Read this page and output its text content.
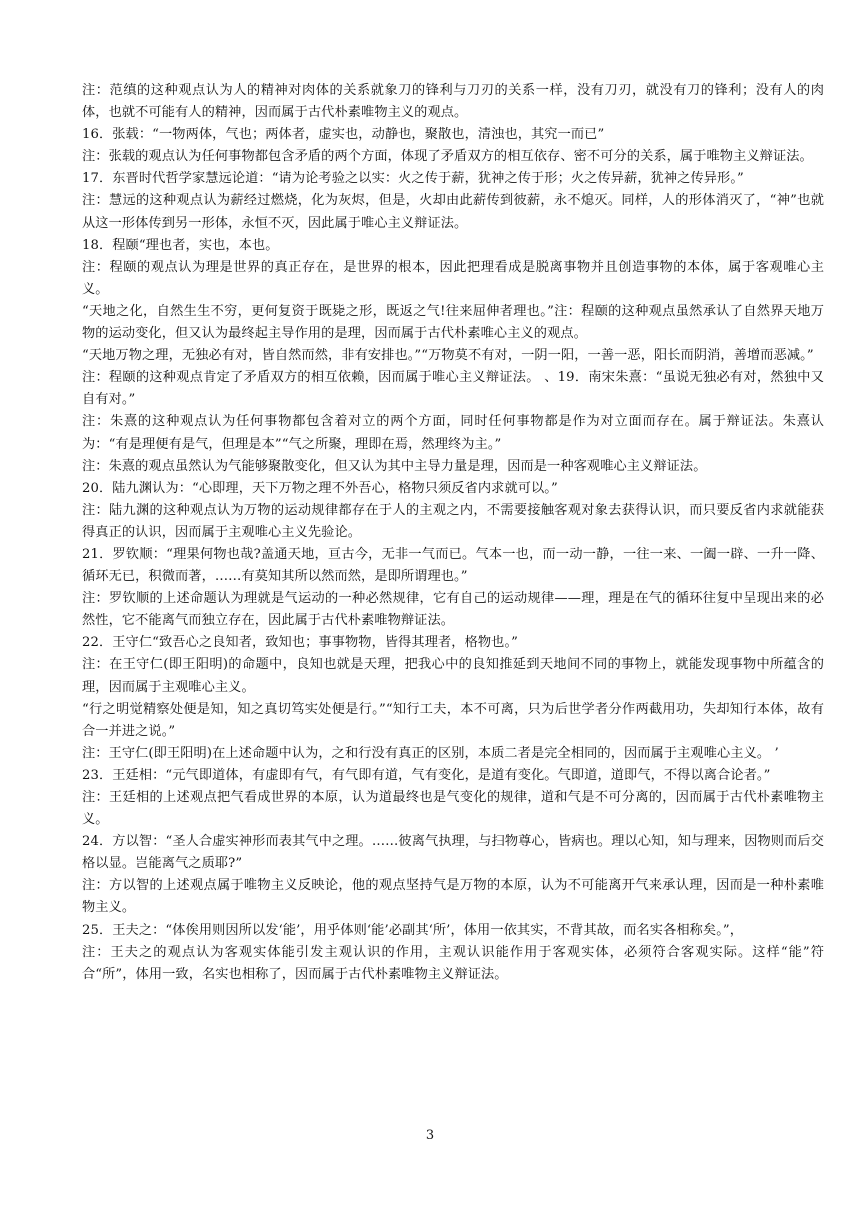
注：范缜的这种观点认为人的精神对肉体的关系就象刀的锋利与刀刃的关系一样，没有刀刃，就没有刀的锋利；没有人的肉体，也就不可能有人的精神，因而属于古代朴素唯物主义的观点。

16．张载：“一物两体，气也；两体者，虚实也，动静也，聚散也，清浊也，其究一而已”

注：张载的观点认为任何事物都包含矛盾的两个方面，体现了矛盾双方的相互依存、密不可分的关系，属于唯物主义辩证法。

17．东晋时代哲学家慧远论道：“请为论考验之以实：火之传于薪，犹神之传于形；火之传异薪，犹神之传异形。”

注：慧远的这种观点认为薪经过燃烧，化为灰烬，但是，火却由此薪传到彼薪，永不熄灭。同样，人的形体消灭了，“神”也就从这一形体传到另一形体，永恒不灭，因此属于唯心主义辩证法。

18．程颐“理也者，实也，本也。

注：程颐的观点认为理是世界的真正存在，是世界的根本，因此把理看成是脱离事物并且创造事物的本体，属于客观唯心主义。

“天地之化，自然生生不穷，更何复资于既毙之形，既返之气!往来屈伸者理也。”注：程颐的这种观点虽然承认了自然界天地万物的运动变化，但又认为最终起主导作用的是理，因而属于古代朴素唯心主义的观点。

“天地万物之理，无独必有对，皆自然而然，非有安排也。”“万物莫不有对，一阴一阳，一善一恶，阳长而阴消，善增而恶减。”

注：程颐的这种观点肯定了矛盾双方的相互依赖，因而属于唯心主义辩证法。 、19．南宋朱熹：“虽说无独必有对，然独中又自有对。”

注：朱熹的这种观点认为任何事物都包含着对立的两个方面，同时任何事物都是作为对立面而存在。属于辩证法。朱熹认为：“有是理便有是气，但理是本”“气之所聚，理即在焉，然理终为主。”

注：朱熹的观点虽然认为气能够聚散变化，但又认为其中主导力量是理，因而是一种客观唯心主义辩证法。

20．陆九渊认为：“心即理，天下万物之理不外吾心，格物只须反省内求就可以。”

注：陆九渊的这种观点认为万物的运动规律都存在于人的主观之内，不需要接触客观对象去获得认识，而只要反省内求就能获得真正的认识，因而属于主观唯心主义先验论。

21．罗钦顺：“理果何物也哉?盖通天地，亘古今，无非一气而已。气本一也，而一动一静，一往一来、一阖一辟、一升一降、循环无已，积微而著，……有莫知其所以然而然，是即所谓理也。”

注：罗钦顺的上述命题认为理就是气运动的一种必然规律，它有自己的运动规律——理，理是在气的循环往复中呈现出来的必然性，它不能离气而独立存在，因此属于古代朴素唯物辩证法。

22．王守仁“致吾心之良知者，致知也；事事物物，皆得其理者，格物也。”

注：在王守仁(即王阳明)的命题中，良知也就是天理，把我心中的良知推延到天地间不同的事物上，就能发现事物中所蕴含的理，因而属于主观唯心主义。

“行之明觉精察处便是知，知之真切笃实处便是行。”“知行工夫，本不可离，只为后世学者分作两截用功，失却知行本体，故有合一并进之说。”

注：王守仁(即王阳明)在上述命题中认为，之和行没有真正的区别，本质二者是完全相同的，因而属于主观唯心主义。 ’

23．王廷相：“元气即道体，有虚即有气，有气即有道，气有变化，是道有变化。气即道，道即气，不得以离合论者。”

注：王廷相的上述观点把气看成世界的本原，认为道最终也是气变化的规律，道和气是不可分离的，因而属于古代朴素唯物主义。

24．方以智：“圣人合虚实神形而表其气中之理。……彼离气执理，与扫物尊心，皆病也。理以心知，知与理来，因物则而后交格以显。岂能离气之质耶?”

注：方以智的上述观点属于唯物主义反映论，他的观点坚持气是万物的本原，认为不可能离开气来承认理，因而是一种朴素唯物主义。

25．王夫之：“体俟用则因所以发‘能’，用乎体则‘能’必副其‘所’，体用一依其实，不背其故，而名实各相称矣。”，

注：王夫之的观点认为客观实体能引发主观认识的作用，主观认识能作用于客观实体，必须符合客观实际。这样“能”符合“所”，体用一致，名实也相称了，因而属于古代朴素唯物主义辩证法。

3
